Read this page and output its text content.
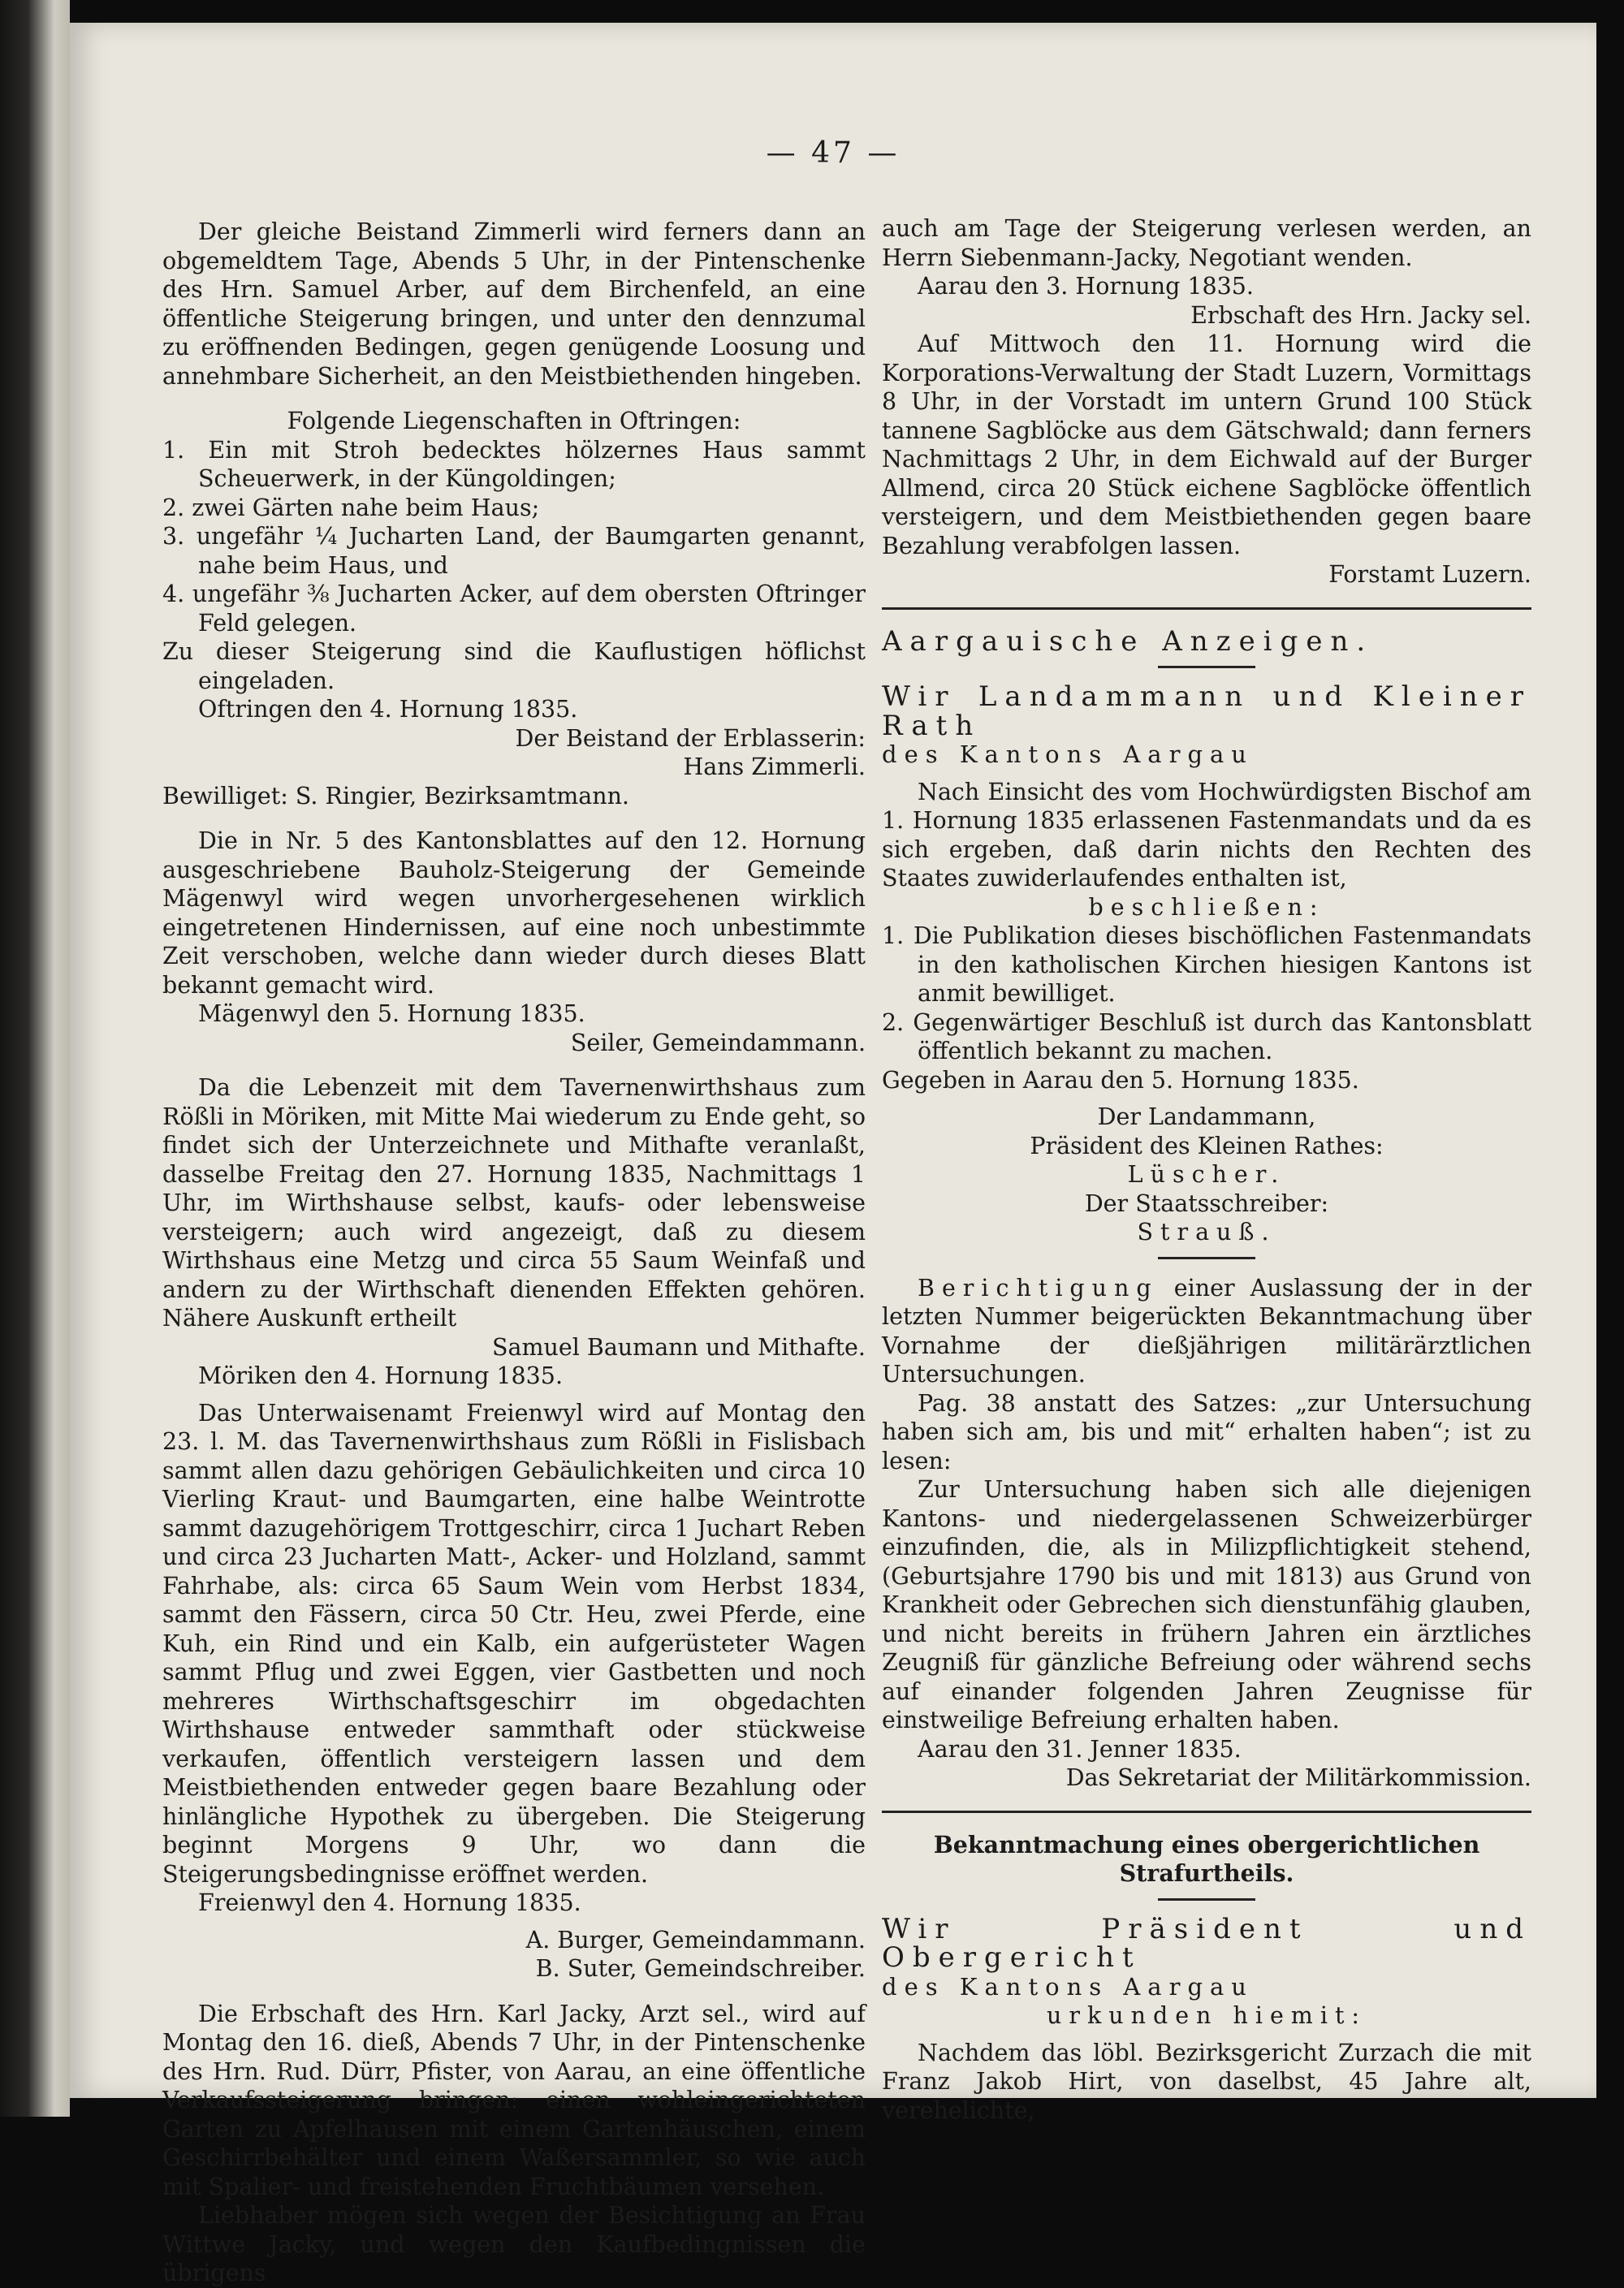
— 47 —

Der gleiche Beistand Zimmerli wird ferners dann an obgemeldtem Tage, Abends 5 Uhr, in der Pintenschenke des Hrn. Samuel Arber, auf dem Birchenfeld, an eine öffentliche Steigerung bringen, und unter den dennzumal zu eröffnenden Bedingen, gegen genügende Loosung und annehmbare Sicherheit, an den Meistbiethenden hingeben.

Folgende Liegenschaften in Oftringen:

1. Ein mit Stroh bedecktes hölzernes Haus sammt Scheuerwerk, in der Küngoldingen;

2. zwei Gärten nahe beim Haus;

3. ungefähr ¼ Jucharten Land, der Baumgarten genannt, nahe beim Haus, und

4. ungefähr ⅜ Jucharten Acker, auf dem obersten Oftringer Feld gelegen.

Zu dieser Steigerung sind die Kauflustigen höflichst eingeladen.

Oftringen den 4. Hornung 1835.

Der Beistand der Erblasserin:

Hans Zimmerli.

Bewilliget: S. Ringier, Bezirksamtmann.

Die in Nr. 5 des Kantonsblattes auf den 12. Hornung ausgeschriebene Bauholz-Steigerung der Gemeinde Mägenwyl wird wegen unvorhergesehenen wirklich eingetretenen Hindernissen, auf eine noch unbestimmte Zeit verschoben, welche dann wieder durch dieses Blatt bekannt gemacht wird.

Mägenwyl den 5. Hornung 1835.

Seiler, Gemeindammann.

Da die Lebenzeit mit dem Tavernenwirthshaus zum Rößli in Möriken, mit Mitte Mai wiederum zu Ende geht, so findet sich der Unterzeichnete und Mithafte veranlaßt, dasselbe Freitag den 27. Hornung 1835, Nachmittags 1 Uhr, im Wirthshause selbst, kaufs- oder lebensweise versteigern; auch wird angezeigt, daß zu diesem Wirthshaus eine Metzg und circa 55 Saum Weinfaß und andern zu der Wirthschaft dienenden Effekten gehören. Nähere Auskunft ertheilt

Samuel Baumann und Mithafte.

Möriken den 4. Hornung 1835.

Das Unterwaisenamt Freienwyl wird auf Montag den 23. l. M. das Tavernenwirthshaus zum Rößli in Fislisbach sammt allen dazu gehörigen Gebäulichkeiten und circa 10 Vierling Kraut- und Baumgarten, eine halbe Weintrotte sammt dazugehörigem Trottgeschirr, circa 1 Juchart Reben und circa 23 Jucharten Matt-, Acker- und Holzland, sammt Fahrhabe, als: circa 65 Saum Wein vom Herbst 1834, sammt den Fässern, circa 50 Ctr. Heu, zwei Pferde, eine Kuh, ein Rind und ein Kalb, ein aufgerüsteter Wagen sammt Pflug und zwei Eggen, vier Gastbetten und noch mehreres Wirthschaftsgeschirr im obgedachten Wirthshause entweder sammthaft oder stückweise verkaufen, öffentlich versteigern lassen und dem Meistbiethenden entweder gegen baare Bezahlung oder hinlängliche Hypothek zu übergeben. Die Steigerung beginnt Morgens 9 Uhr, wo dann die Steigerungsbedingnisse eröffnet werden.

Freienwyl den 4. Hornung 1835.

A. Burger, Gemeindammann.

B. Suter, Gemeindschreiber.

Die Erbschaft des Hrn. Karl Jacky, Arzt sel., wird auf Montag den 16. dieß, Abends 7 Uhr, in der Pintenschenke des Hrn. Rud. Dürr, Pfister, von Aarau, an eine öffentliche Verkaufssteigerung bringen: einen wohleingerichteten Garten zu Apfelhausen mit einem Gartenhäuschen, einem Geschirrbehälter und einem Waßersammler, so wie auch mit Spalier- und freistehenden Fruchtbäumen versehen.

Liebhaber mögen sich wegen der Besichtigung an Frau Wittwe Jacky, und wegen den Kaufbedingnissen die übrigens

auch am Tage der Steigerung verlesen werden, an Herrn Siebenmann-Jacky, Negotiant wenden.

Aarau den 3. Hornung 1835.

Erbschaft des Hrn. Jacky sel.

Auf Mittwoch den 11. Hornung wird die Korporations-Verwaltung der Stadt Luzern, Vormittags 8 Uhr, in der Vorstadt im untern Grund 100 Stück tannene Sagblöcke aus dem Gätschwald; dann ferners Nachmittags 2 Uhr, in dem Eichwald auf der Burger Allmend, circa 20 Stück eichene Sagblöcke öffentlich versteigern, und dem Meistbiethenden gegen baare Bezahlung verabfolgen lassen.

Forstamt Luzern.

Aargauische Anzeigen.

Wir Landammann und Kleiner Rath

des Kantons Aargau

Nach Einsicht des vom Hochwürdigsten Bischof am 1. Hornung 1835 erlassenen Fastenmandats und da es sich ergeben, daß darin nichts den Rechten des Staates zuwiderlaufendes enthalten ist,

beschließen:

1. Die Publikation dieses bischöflichen Fastenmandats in den katholischen Kirchen hiesigen Kantons ist anmit bewilliget.

2. Gegenwärtiger Beschluß ist durch das Kantonsblatt öffentlich bekannt zu machen.

Gegeben in Aarau den 5. Hornung 1835.

Der Landammann,

Präsident des Kleinen Rathes:

Lüscher.

Der Staatsschreiber:

Strauß.

Berichtigung einer Auslassung der in der letzten Nummer beigerückten Bekanntmachung über Vornahme der dießjährigen militärärztlichen Untersuchungen.

Pag. 38 anstatt des Satzes: „zur Untersuchung haben sich am, bis und mit“ erhalten haben“; ist zu lesen:

Zur Untersuchung haben sich alle diejenigen Kantons- und niedergelassenen Schweizerbürger einzufinden, die, als in Milizpflichtigkeit stehend, (Geburtsjahre 1790 bis und mit 1813) aus Grund von Krankheit oder Gebrechen sich dienstunfähig glauben, und nicht bereits in frühern Jahren ein ärztliches Zeugniß für gänzliche Befreiung oder während sechs auf einander folgenden Jahren Zeugnisse für einstweilige Befreiung erhalten haben.

Aarau den 31. Jenner 1835.

Das Sekretariat der Militärkommission.

Bekanntmachung eines obergerichtlichen Strafurtheils.

Wir Präsident und Obergericht

des Kantons Aargau

urkunden hiemit:

Nachdem das löbl. Bezirksgericht Zurzach die mit Franz Jakob Hirt, von daselbst, 45 Jahre alt, verehelichte,
